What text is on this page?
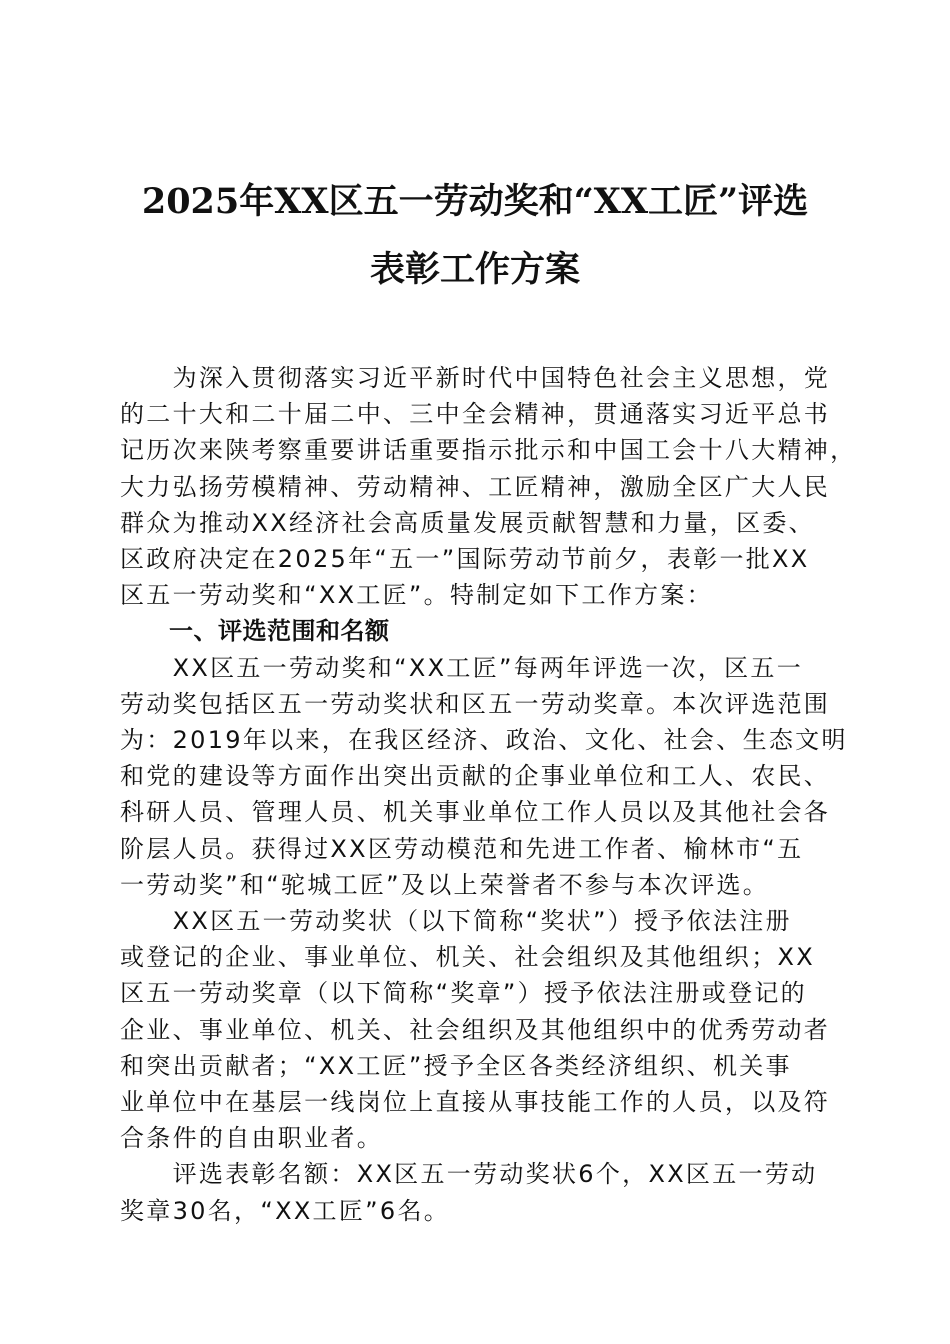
2025年XX区五一劳动奖和“XX工匠”评选
表彰工作方案
　　为深入贯彻落实习近平新时代中国特色社会主义思想，党
的二十大和二十届二中、三中全会精神，贯通落实习近平总书
记历次来陕考察重要讲话重要指示批示和中国工会十八大精神，
大力弘扬劳模精神、劳动精神、工匠精神，激励全区广大人民
群众为推动XX经济社会高质量发展贡献智慧和力量，区委、
区政府决定在2025年“五一”国际劳动节前夕，表彰一批XX
区五一劳动奖和“XX工匠”。特制定如下工作方案：
　　一、评选范围和名额
　　XX区五一劳动奖和“XX工匠”每两年评选一次，区五一
劳动奖包括区五一劳动奖状和区五一劳动奖章。本次评选范围
为：2019年以来，在我区经济、政治、文化、社会、生态文明
和党的建设等方面作出突出贡献的企事业单位和工人、农民、
科研人员、管理人员、机关事业单位工作人员以及其他社会各
阶层人员。获得过XX区劳动模范和先进工作者、榆林市“五
一劳动奖”和“驼城工匠”及以上荣誉者不参与本次评选。
　　XX区五一劳动奖状（以下简称“奖状”）授予依法注册
或登记的企业、事业单位、机关、社会组织及其他组织；XX
区五一劳动奖章（以下简称“奖章”）授予依法注册或登记的
企业、事业单位、机关、社会组织及其他组织中的优秀劳动者
和突出贡献者；“XX工匠”授予全区各类经济组织、机关事
业单位中在基层一线岗位上直接从事技能工作的人员，以及符
合条件的自由职业者。
　　评选表彰名额：XX区五一劳动奖状6个，XX区五一劳动
奖章30名，“XX工匠”6名。
